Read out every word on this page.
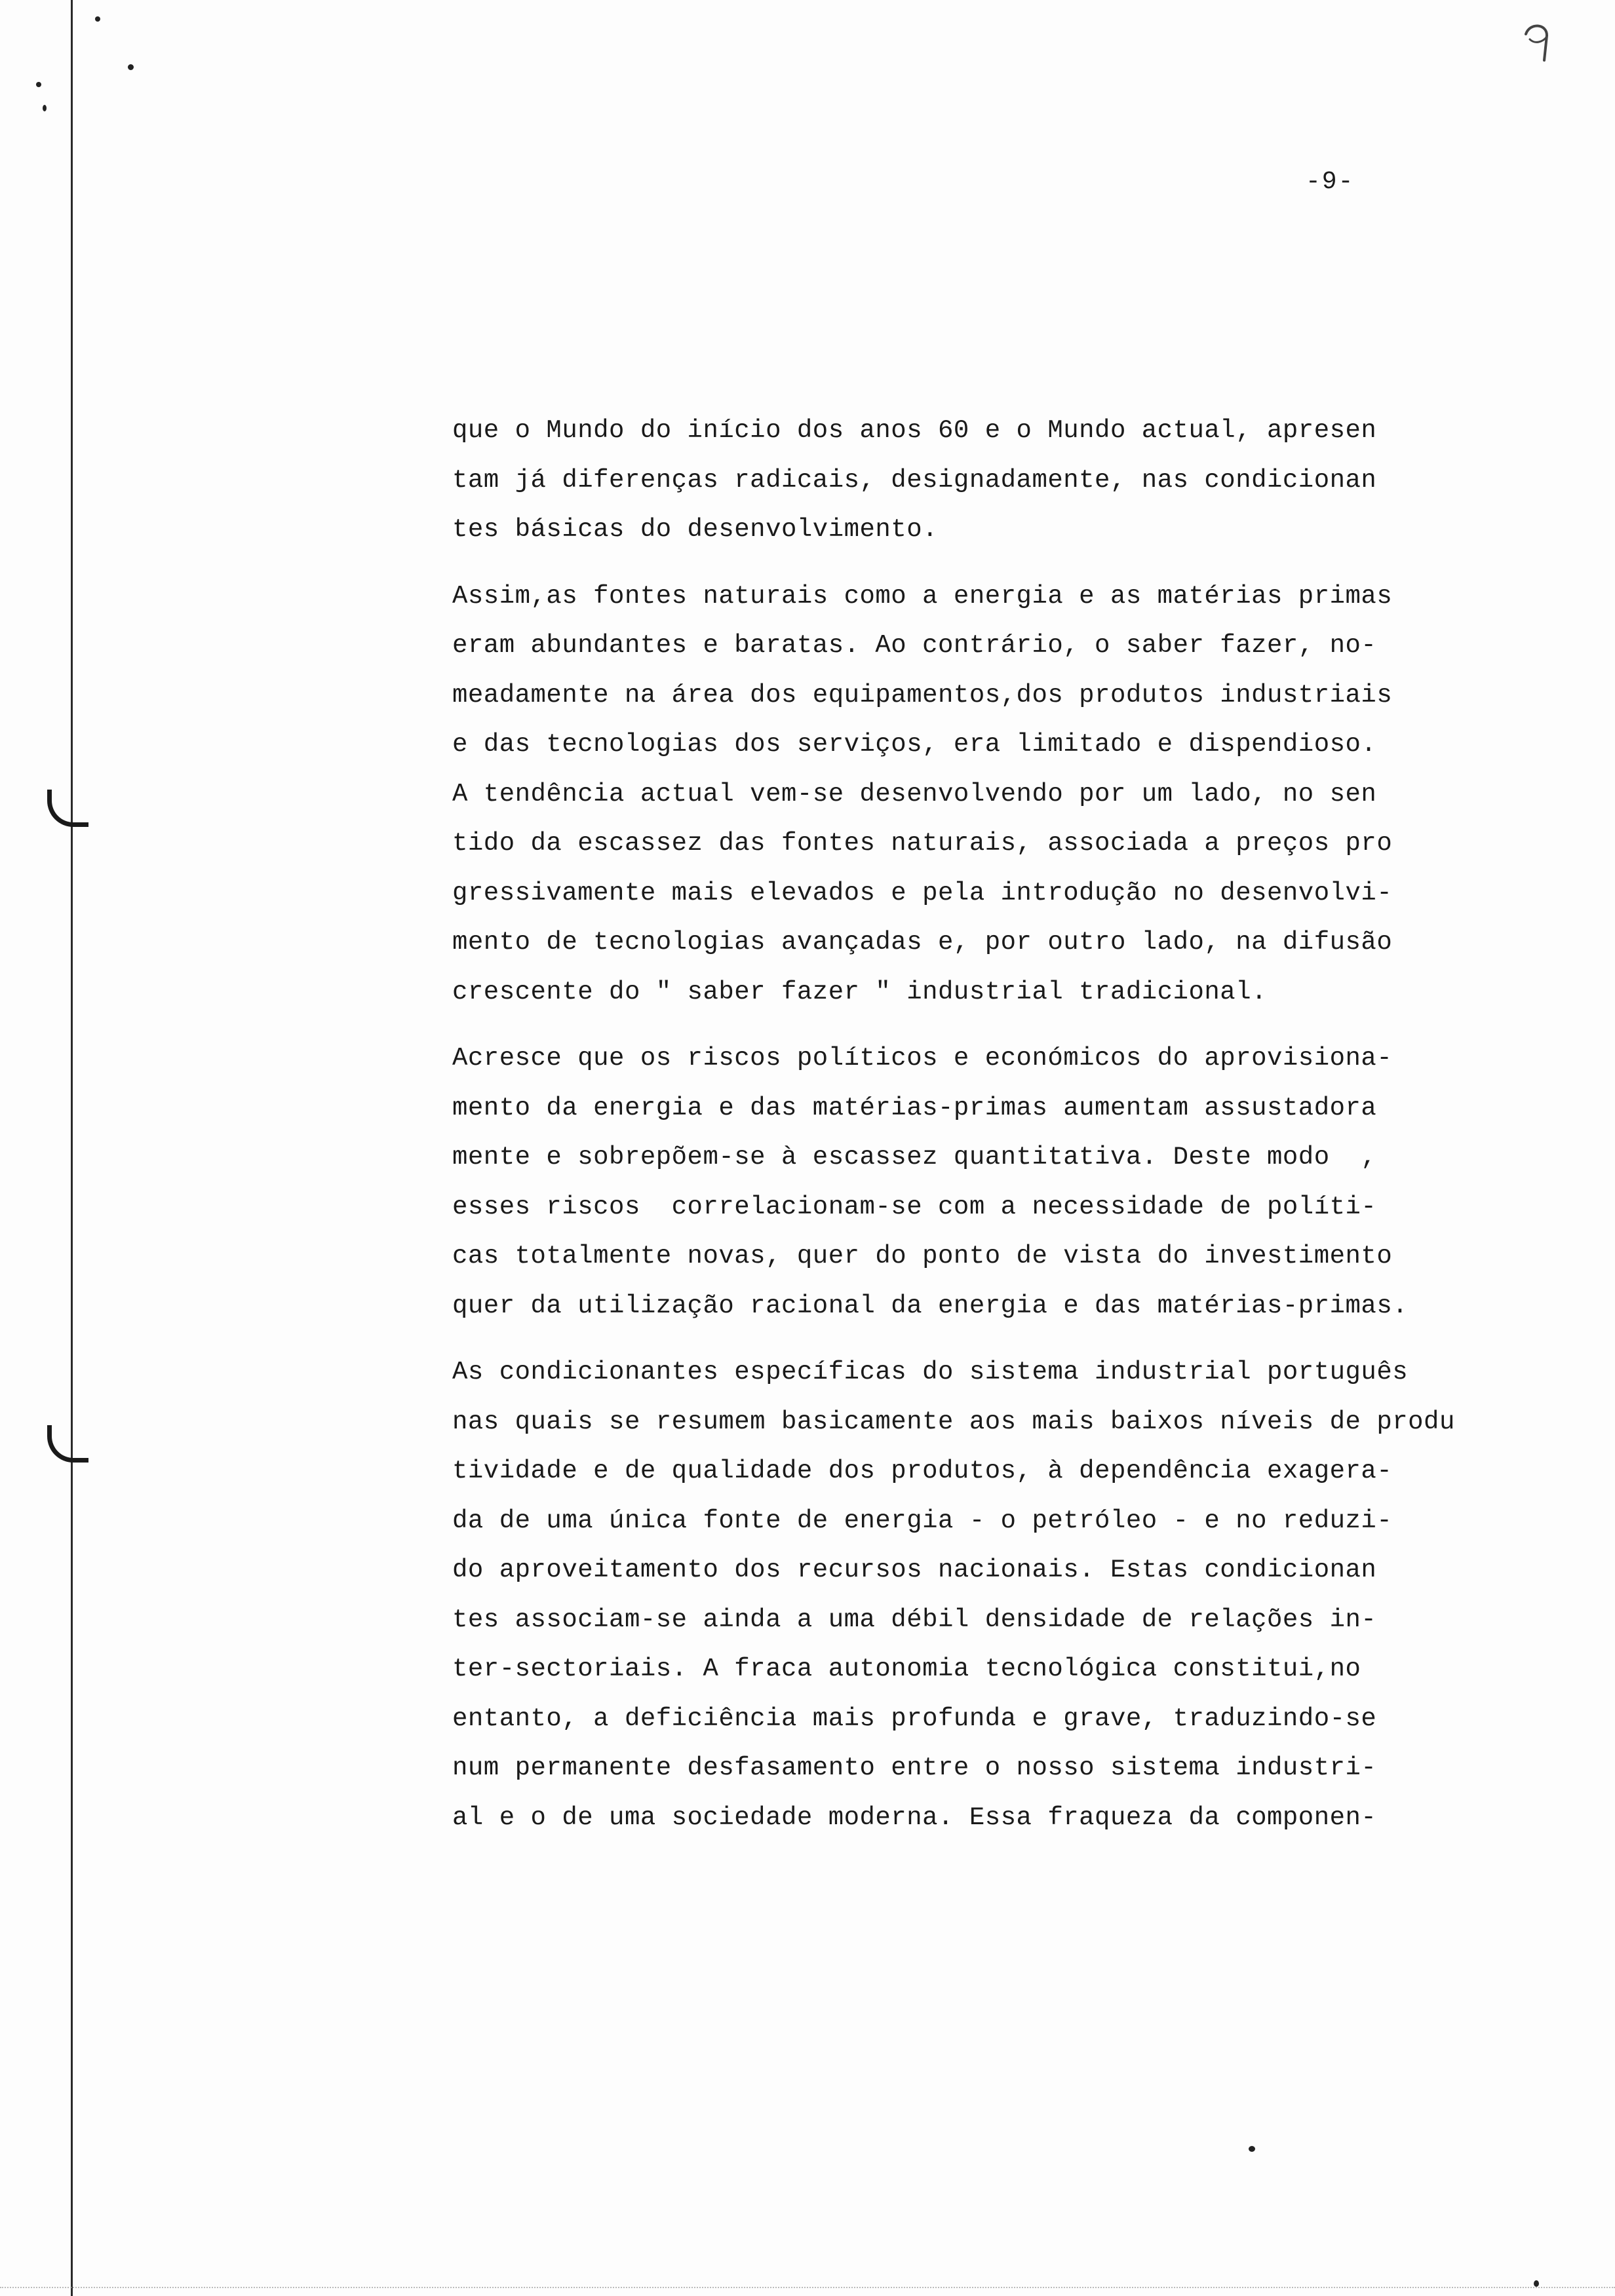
-9-
que o Mundo do início dos anos 60 e o Mundo actual, apresen
tam já diferenças radicais, designadamente, nas condicionan
tes básicas do desenvolvimento.
Assim,as fontes naturais como a energia e as matérias primas
eram abundantes e baratas. Ao contrário, o saber fazer, no-
meadamente na área dos equipamentos,dos produtos industriais
e das tecnologias dos serviços, era limitado e dispendioso.
A tendência actual vem-se desenvolvendo por um lado, no sen
tido da escassez das fontes naturais, associada a preços pro
gressivamente mais elevados e pela introdução no desenvolvi-
mento de tecnologias avançadas e, por outro lado, na difusão
crescente do " saber fazer " industrial tradicional.
Acresce que os riscos políticos e económicos do aprovisiona-
mento da energia e das matérias-primas aumentam assustadora
mente e sobrepõem-se à escassez quantitativa. Deste modo  ,
esses riscos  correlacionam-se com a necessidade de políti-
cas totalmente novas, quer do ponto de vista do investimento
quer da utilização racional da energia e das matérias-primas.
As condicionantes específicas do sistema industrial português
nas quais se resumem basicamente aos mais baixos níveis de produ
tividade e de qualidade dos produtos, à dependência exagera-
da de uma única fonte de energia - o petróleo - e no reduzi-
do aproveitamento dos recursos nacionais. Estas condicionan
tes associam-se ainda a uma débil densidade de relações in-
ter-sectoriais. A fraca autonomia tecnológica constitui,no
entanto, a deficiência mais profunda e grave, traduzindo-se
num permanente desfasamento entre o nosso sistema industri-
al e o de uma sociedade moderna. Essa fraqueza da componen-
